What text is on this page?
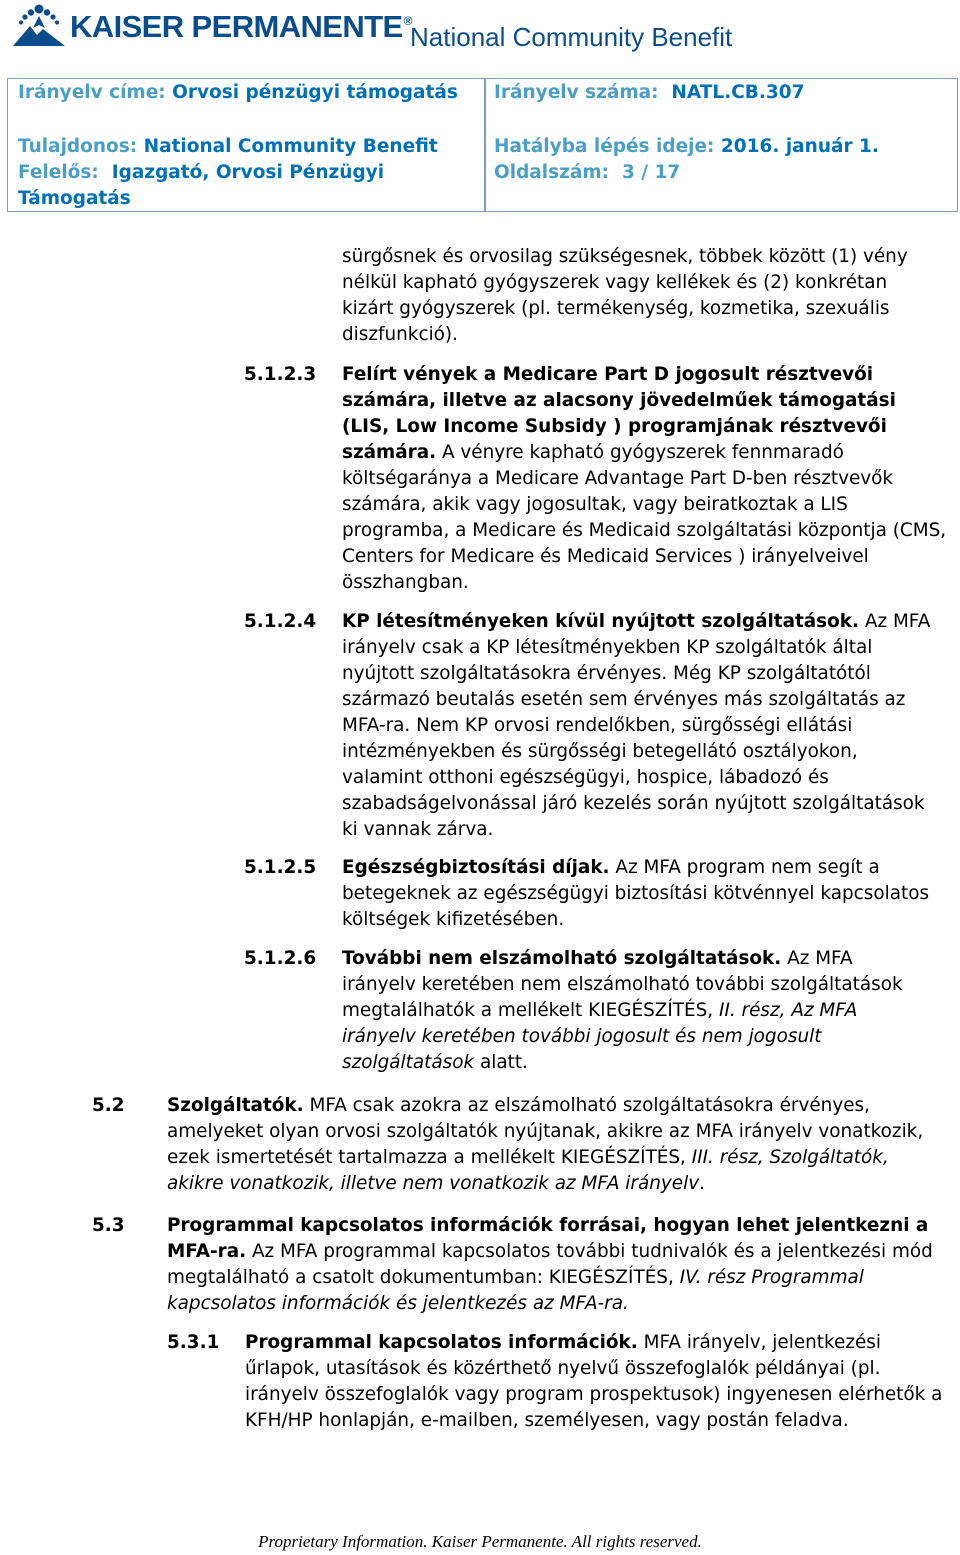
KAISER PERMANENTE®
National Community Benefit
Irányelv címe: Orvosi pénzügyi támogatás Irányelv száma: NATL.CB.307
Tulajdonos: National Community Benefit	Hatályba lépés ideje: 2016. január 1.
Felelős: Igazgató, Orvosi Pénzügyi Támogatás
Oldalszám: 3 / 17
sürgősnek és orvosilag szükségesnek, többek között (1) vény nélkül kapható gyógyszerek vagy kellékek és (2) konkrétan kizárt gyógyszerek (pl. termékenység, kozmetika, szexuális diszfunkció).
5.1.2.3 Felírt vények a Medicare Part D jogosult résztvevői számára, illetve az alacsony jövedelműek támogatási (LIS, Low Income Subsidy ) programjának résztvevői számára. A vényre kapható gyógyszerek fennmaradó költségaránya a Medicare Advantage Part D-ben résztvevők számára, akik vagy jogosultak, vagy beiratkoztak a LIS programba, a Medicare és Medicaid szolgáltatási központja (CMS, Centers for Medicare és Medicaid Services ) irányelveivel összhangban.
5.1.2.4 KP létesítményeken kívül nyújtott szolgáltatások. Az MFA irányelv csak a KP létesítményekben KP szolgáltatók által nyújtott szolgáltatásokra érvényes. Még KP szolgáltatótól származó beutalás esetén sem érvényes más szolgáltatás az MFA-ra. Nem KP orvosi rendelőkben, sürgősségi ellátási intézményekben és sürgősségi betegellátó osztályokon, valamint otthoni egészségügyi, hospice, lábadozó és szabadságelvonással járó kezelés során nyújtott szolgáltatások ki vannak zárva.
5.1.2.5 Egészségbiztosítási díjak. Az MFA program nem segít a betegeknek az egészségügyi biztosítási kötvénnyel kapcsolatos költségek kifizetésében.
5.1.2.6 További nem elszámolható szolgáltatások. Az MFA irányelv keretében nem elszámolható további szolgáltatások megtalálhatók a mellékelt KIEGÉSZÍTÉS, II. rész, Az MFA irányelv keretében további jogosult és nem jogosult szolgáltatások alatt.
5.2 Szolgáltatók. MFA csak azokra az elszámolható szolgáltatásokra érvényes, amelyeket olyan orvosi szolgáltatók nyújtanak, akikre az MFA irányelv vonatkozik, ezek ismertetését tartalmazza a mellékelt KIEGÉSZÍTÉS, III. rész, Szolgáltatók, akikre vonatkozik, illetve nem vonatkozik az MFA irányelv.
5.3 Programmal kapcsolatos információk forrásai, hogyan lehet jelentkezni a MFA-ra. Az MFA programmal kapcsolatos további tudnivalók és a jelentkezési mód megtalálható a csatolt dokumentumban: KIEGÉSZÍTÉS, IV. rész Programmal kapcsolatos információk és jelentkezés az MFA-ra.
5.3.1 Programmal kapcsolatos információk. MFA irányelv, jelentkezési űrlapok, utasítások és közérthető nyelvű összefoglalók példányai (pl. irányelv összefoglalók vagy program prospektusok) ingyenesen elérhetők a KFH/HP honlapján, e-mailben, személyesen, vagy postán feladva.
Proprietary Information. Kaiser Permanente. All rights reserved.
